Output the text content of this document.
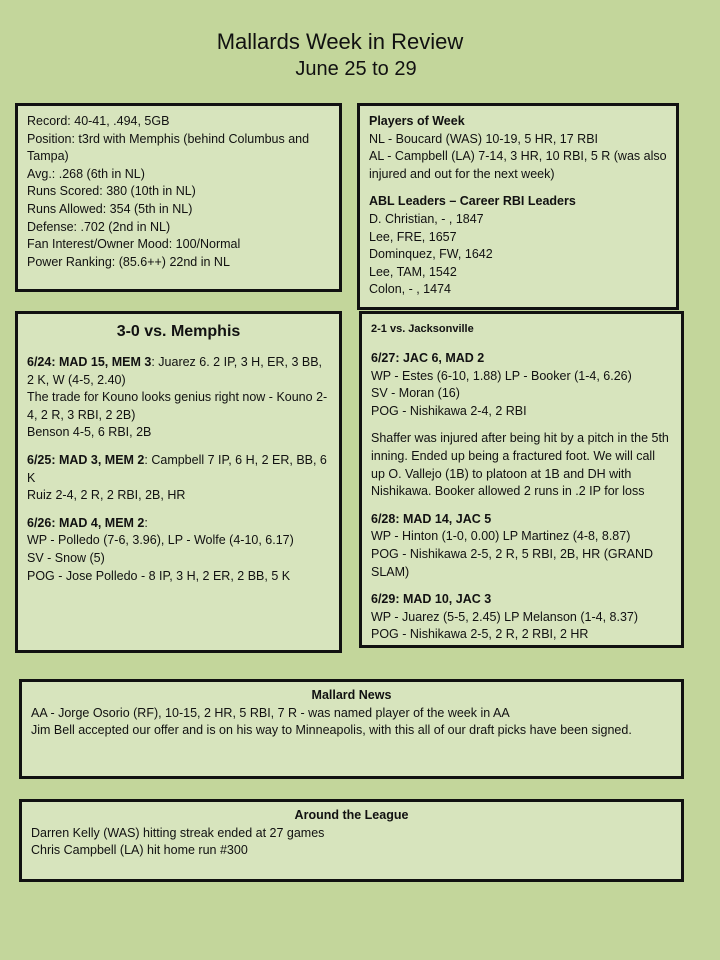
Mallards Week in Review
June 25 to 29
Record: 40-41, .494, 5GB
Position: t3rd with Memphis (behind Columbus and Tampa)
Avg.: .268 (6th in NL)
Runs Scored: 380 (10th in NL)
Runs Allowed: 354 (5th in NL)
Defense: .702 (2nd in NL)
Fan Interest/Owner Mood: 100/Normal
Power Ranking: (85.6++) 22nd in NL
Players of Week
NL - Boucard (WAS) 10-19, 5 HR, 17 RBI
AL - Campbell (LA) 7-14, 3 HR, 10 RBI, 5 R (was also injured and out for the next week)
ABL Leaders – Career RBI Leaders
D. Christian, - , 1847
Lee, FRE, 1657
Dominquez, FW, 1642
Lee, TAM, 1542
Colon, - , 1474
3-0 vs. Memphis
6/24: MAD 15, MEM 3: Juarez 6. 2 IP, 3 H, ER, 3 BB, 2 K, W (4-5, 2.40)
The trade for Kouno looks genius right now - Kouno 2-4, 2 R, 3 RBI, 2 2B)
Benson 4-5, 6 RBI, 2B
6/25: MAD 3, MEM 2: Campbell 7 IP, 6 H, 2 ER, BB, 6 K
Ruiz 2-4, 2 R, 2 RBI, 2B, HR
6/26: MAD 4, MEM 2:
WP - Polledo (7-6, 3.96), LP - Wolfe (4-10, 6.17)
SV - Snow (5)
POG - Jose Polledo - 8 IP, 3 H, 2 ER, 2 BB, 5 K
2-1 vs. Jacksonville
6/27: JAC 6, MAD 2
WP - Estes (6-10, 1.88) LP - Booker (1-4, 6.26)
SV - Moran (16)
POG - Nishikawa 2-4, 2 RBI
Shaffer was injured after being hit by a pitch in the 5th inning. Ended up being a fractured foot. We will call up O. Vallejo (1B) to platoon at 1B and DH with Nishikawa. Booker allowed 2 runs in .2 IP for loss
6/28: MAD 14, JAC 5
WP - Hinton (1-0, 0.00) LP Martinez (4-8, 8.87)
POG - Nishikawa 2-5, 2 R, 5 RBI, 2B, HR (GRAND SLAM)
6/29: MAD 10, JAC 3
WP - Juarez (5-5, 2.45) LP Melanson (1-4, 8.37)
POG - Nishikawa 2-5, 2 R, 2 RBI, 2 HR
Mallard News
AA - Jorge Osorio (RF), 10-15, 2 HR, 5 RBI, 7 R - was named player of the week in AA
Jim Bell accepted our offer and is on his way to Minneapolis, with this all of our draft picks have been signed.
Around the League
Darren Kelly (WAS) hitting streak ended at 27 games
Chris Campbell (LA) hit home run #300
